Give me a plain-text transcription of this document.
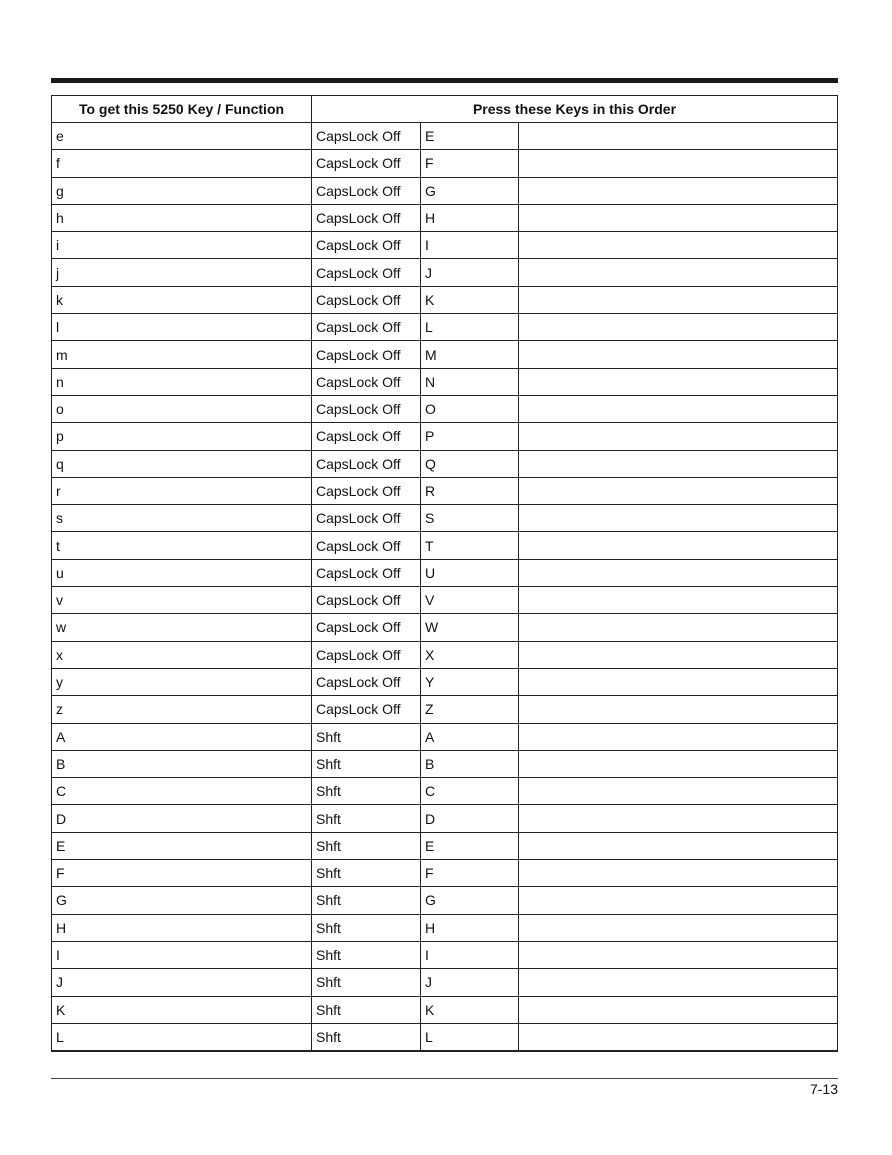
To get this 5250 Key / Function	Press these Keys in this Order		
e	CapsLock Off	E	
f	CapsLock Off	F	
g	CapsLock Off	G	
h	CapsLock Off	H	
i	CapsLock Off	I	
j	CapsLock Off	J	
k	CapsLock Off	K	
l	CapsLock Off	L	
m	CapsLock Off	M	
n	CapsLock Off	N	
o	CapsLock Off	O	
p	CapsLock Off	P	
q	CapsLock Off	Q	
r	CapsLock Off	R	
s	CapsLock Off	S	
t	CapsLock Off	T	
u	CapsLock Off	U	
v	CapsLock Off	V	
w	CapsLock Off	W	
x	CapsLock Off	X	
y	CapsLock Off	Y	
z	CapsLock Off	Z	
A	Shft	A	
B	Shft	B	
C	Shft	C	
D	Shft	D	
E	Shft	E	
F	Shft	F	
G	Shft	G	
H	Shft	H	
I	Shft	I	
J	Shft	J	
K	Shft	K	
L	Shft	L	
7-13
